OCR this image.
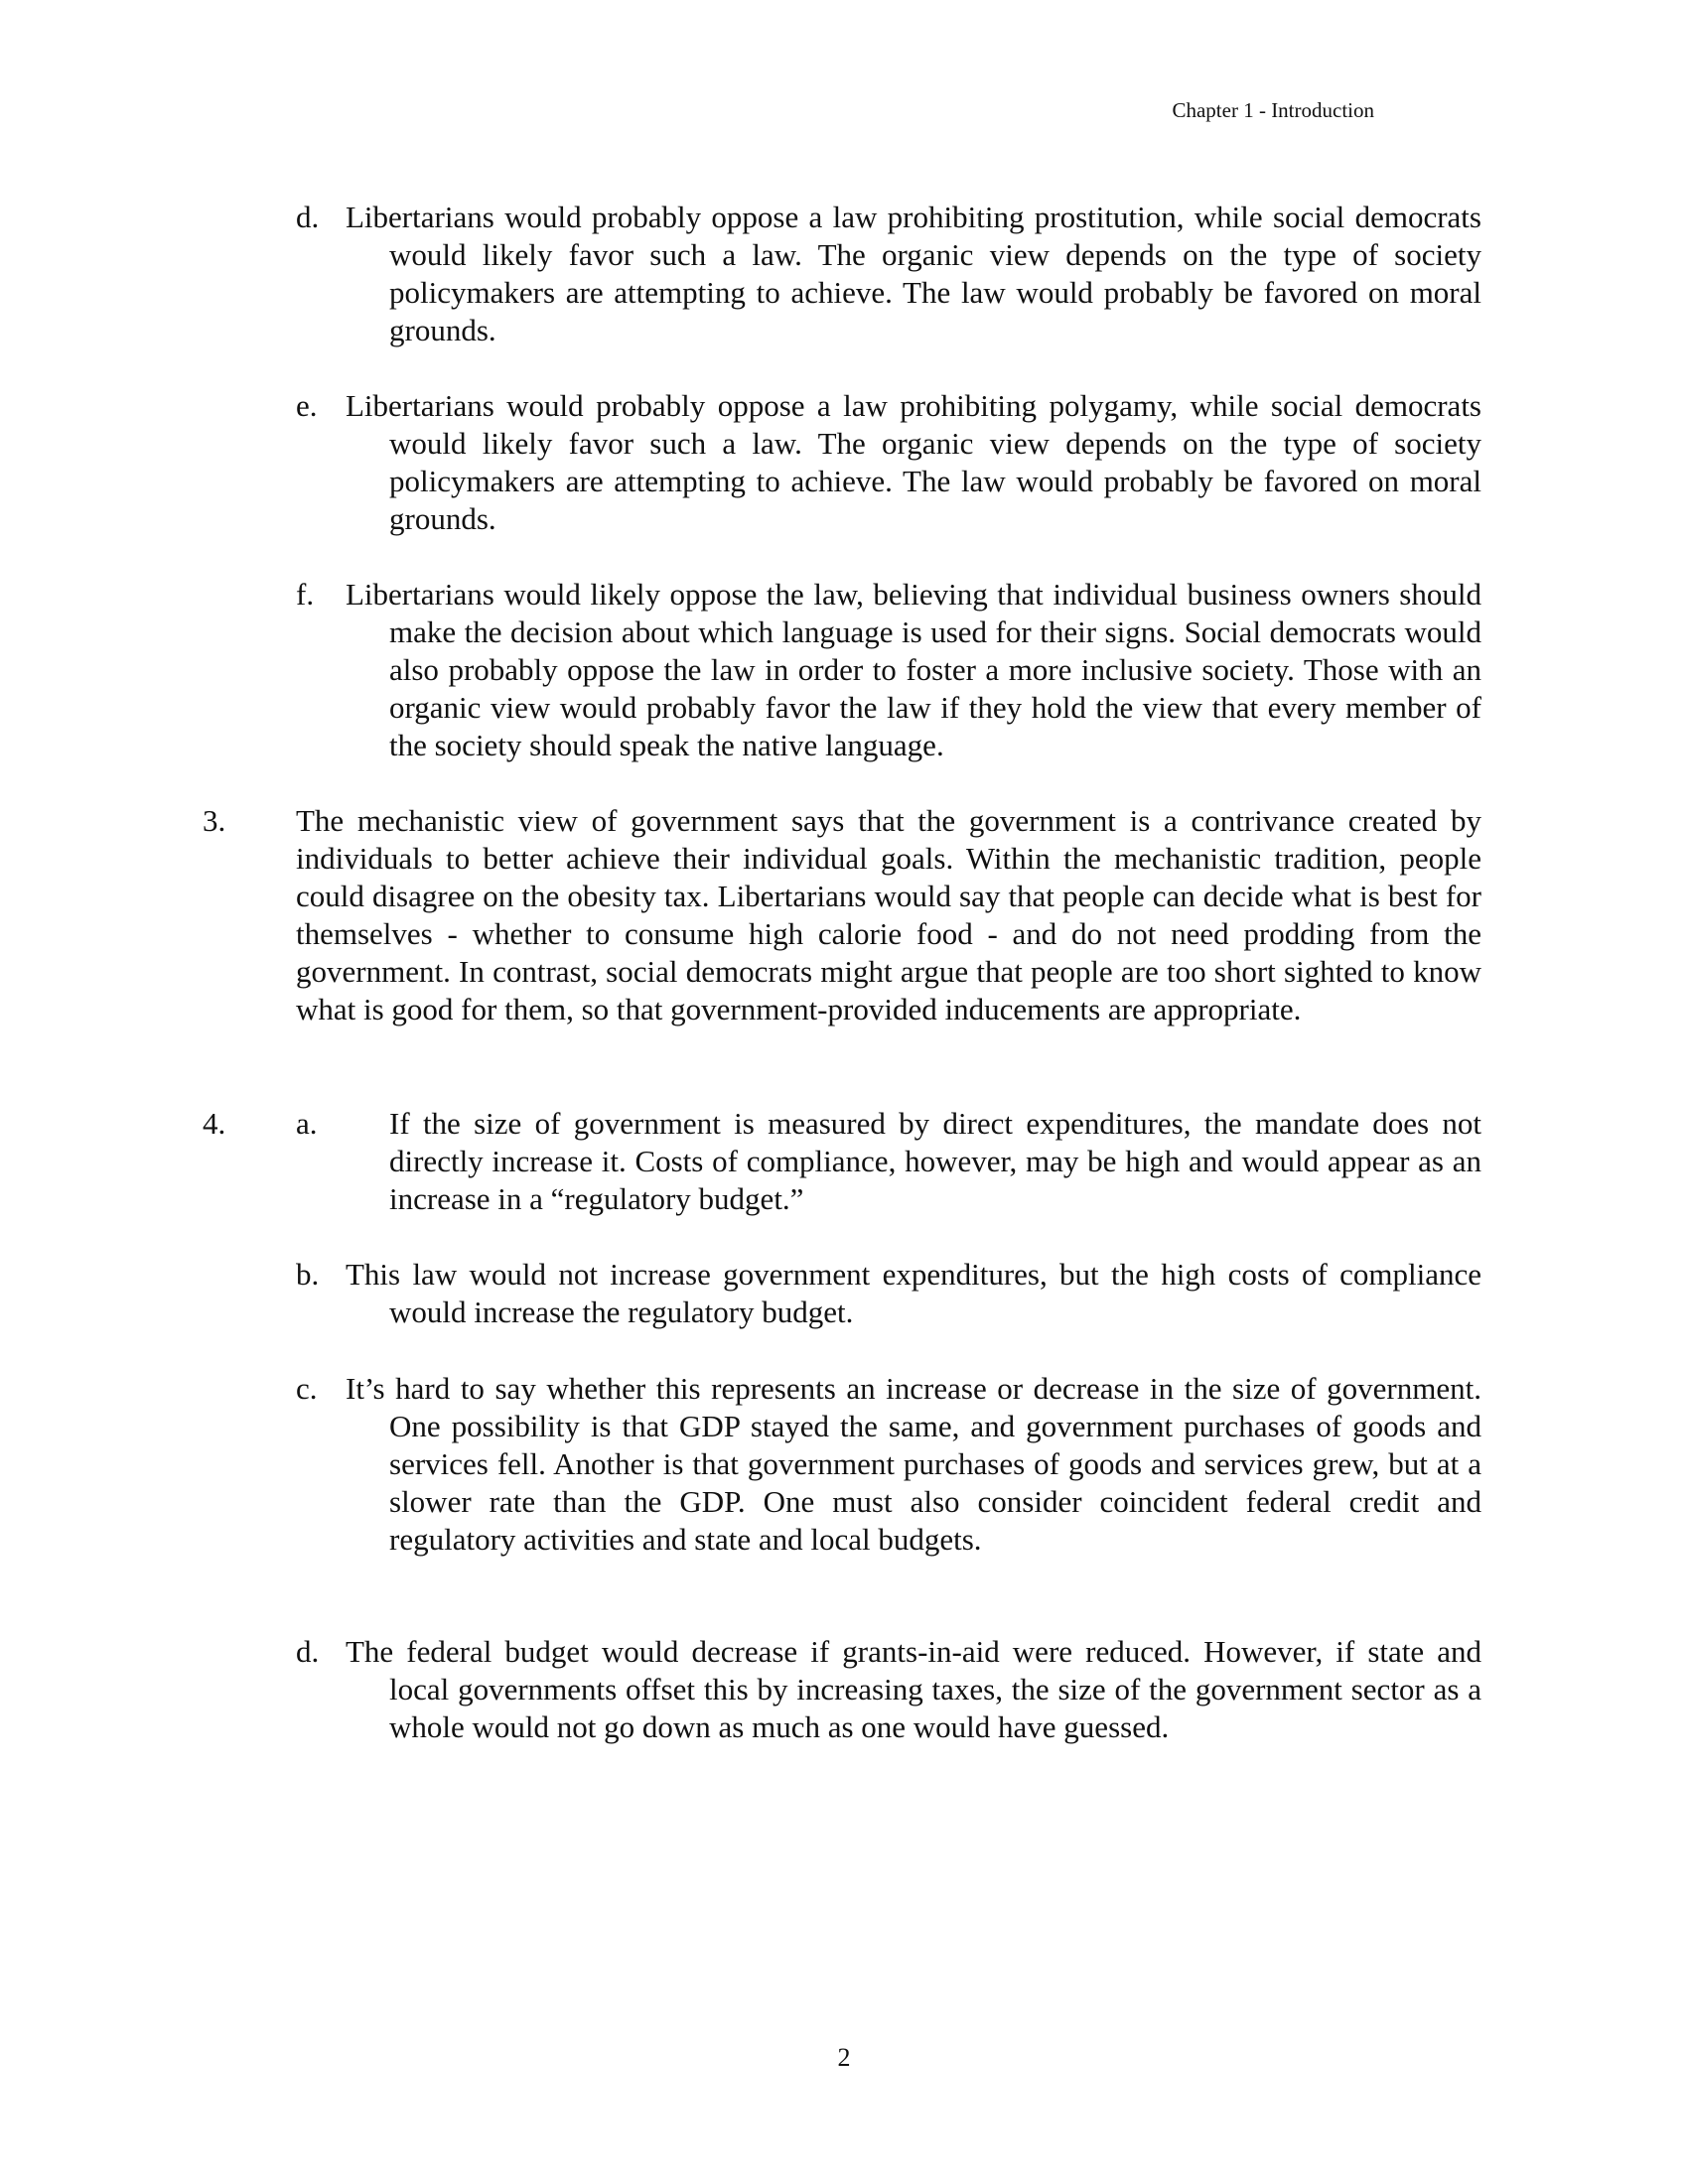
Chapter 1 - Introduction

d. Libertarians would probably oppose a law prohibiting prostitution, while social democrats would likely favor such a law. The organic view depends on the type of society policymakers are attempting to achieve. The law would probably be favored on moral grounds.

e. Libertarians would probably oppose a law prohibiting polygamy, while social democrats would likely favor such a law. The organic view depends on the type of society policymakers are attempting to achieve. The law would probably be favored on moral grounds.

f. Libertarians would likely oppose the law, believing that individual business owners should make the decision about which language is used for their signs. Social democrats would also probably oppose the law in order to foster a more inclusive society. Those with an organic view would probably favor the law if they hold the view that every member of the society should speak the native language.

3. The mechanistic view of government says that the government is a contrivance created by individuals to better achieve their individual goals. Within the mechanistic tradition, people could disagree on the obesity tax. Libertarians would say that people can decide what is best for themselves - whether to consume high calorie food - and do not need prodding from the government. In contrast, social democrats might argue that people are too short sighted to know what is good for them, so that government-provided inducements are appropriate.

4. a. If the size of government is measured by direct expenditures, the mandate does not directly increase it. Costs of compliance, however, may be high and would appear as an increase in a “regulatory budget.”

b. This law would not increase government expenditures, but the high costs of compliance would increase the regulatory budget.

c. It’s hard to say whether this represents an increase or decrease in the size of government. One possibility is that GDP stayed the same, and government purchases of goods and services fell. Another is that government purchases of goods and services grew, but at a slower rate than the GDP. One must also consider coincident federal credit and regulatory activities and state and local budgets.

d. The federal budget would decrease if grants-in-aid were reduced. However, if state and local governments offset this by increasing taxes, the size of the government sector as a whole would not go down as much as one would have guessed.

2
